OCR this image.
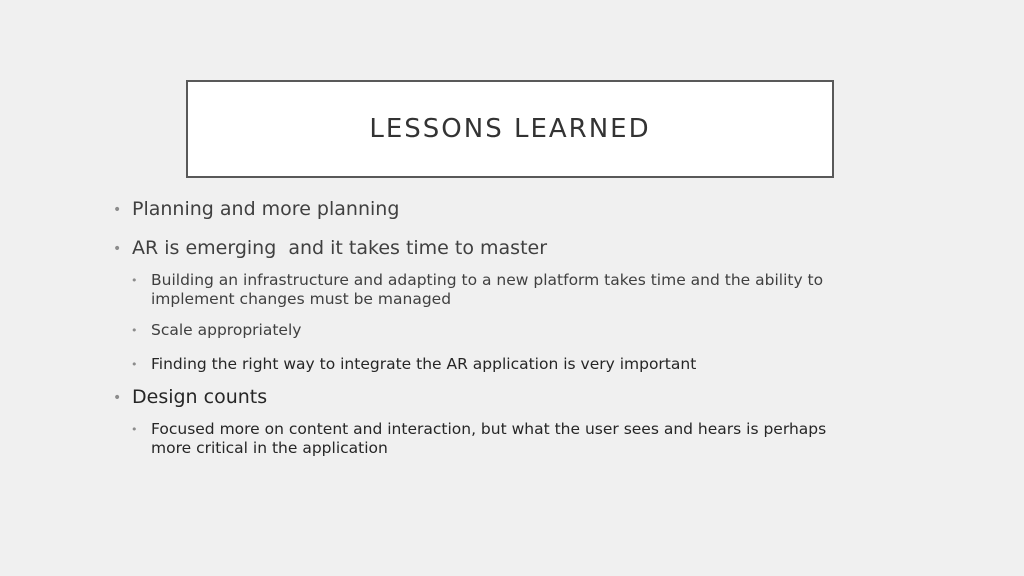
LESSONS LEARNED
• Planning and more planning
• AR is emerging  and it takes time to master
• Building an infrastructure and adapting to a new platform takes time and the ability to implement changes must be managed
• Scale appropriately
• Finding the right way to integrate the AR application is very important
• Design counts
• Focused more on content and interaction, but what the user sees and hears is perhaps more critical in the application
